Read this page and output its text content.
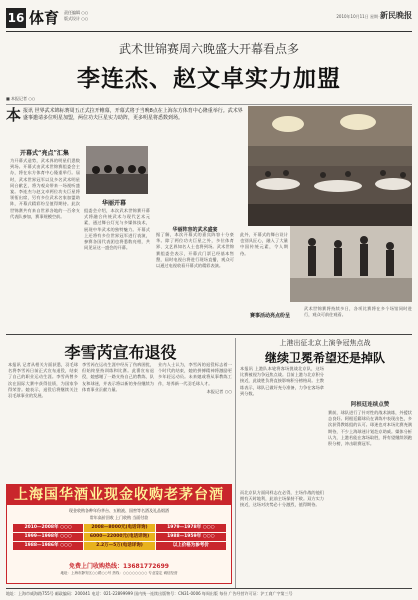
16 体育 责任编辑 ○○
版式设计 ○○	2010年10月11日 星期一
新民晚报
武术世锦赛周六晚盛大开幕看点多
李连杰、赵文卓实力加盟
■ 本报记者 ○○
本 报讯 世界武术锦标赛周五正式拉开帷幕，开幕式将于当晚8点在上海东方体育中心隆重举行。武术界盛事邀请多位明星加盟，两位功夫巨星实力助阵，更多明星将悉数到场。
开幕式“亮点”汇集
为开幕式造势，武术界的明星们悉数到场。开幕式由武术世锦赛组委会主办，将在东方体育中心隆重举行。届时，武术世界冠军以及多名武术明星同台献艺，将为观众带来一场视听盛宴。李连杰与赵文卓两位功夫巨星将领衔出席，另有多位武术名家加盟助阵，开幕式精彩纷呈值得期待。此次世锦赛共有来自世界各地的一百余支代表队参加，赛事规模空前。
华丽开幕
组委会介绍，本次武术世锦赛开幕式将融合传统武术与现代艺术元素，通过舞台灯光与多媒体技术，展现中华武术的独特魅力。开幕式上还将有多位世界冠军进行表演，参赛各国代表团也将悉数亮相，共同见证这一盛会的开幕。
据了解，本次开幕式的嘉宾阵容十分豪华。除了两位功夫巨星之外，多位体育界、文艺界知名人士也将到场。武术世锦赛组委会表示，开幕式门票已经基本售罄，届时电视台将进行现场直播，观众可以通过电视收看开幕式的精彩表演。
华丽阵容的武术盛宴
赛事活动亮点纷呈
此外，开幕式的舞台设计也别具匠心，融入了大量中国传统元素，令人期待。
武术世锦赛将持续多日，各项比赛将在多个场馆同时进行，观众可前往观看。
李雪芮宣布退役
本报讯 记者从相关方面获悉，羽毛球名将李雪芮日前正式宣布退役，结束了自己的职业运动生涯。李雪芮曾多次在国际大赛中获得佳绩，为国家争得荣誉。她表示，退役后将继续关注羽毛球事业的发展。
李雪芮在运动生涯中经历了伤病困扰，但始终坚持训练和比赛。此番宣布退役，她感谢了一路支持自己的教练、队友和球迷，并表示将以新的身份继续为体育事业贡献力量。
业内人士认为，李雪芮的退役标志着一个时代的结束，她的拼搏精神将激励更多年轻运动员。未来她或将从事教练工作，培养新一代羽毛球人才。
本报记者 ○○
上海国华酒业现金收购老茅台酒
现金收购各种年份茅台、五粮液、国窖等名酒及礼品烟酒
常年高价回收 上门收购 当面付款
2010—2008年 ○○○	2008—8000元(电话详询)	1979—1978年 ○○○
1999—1998年 ○○○	6000—22000元(电话详询)	1988—1959年 ○○○
1988—1986年 ○○○	2.2万—5万(电话详询)	以上价格为参考价
免费上门收购热线：13681772699
地址：上海市静安区○○路○○号 热线：○○○○○○○○ 专业鉴定 诚信经营
上港出征北京上演争冠焦点战
继续卫冕希望还是掉队
本报讯 上港队本轮将客场挑战北京队，这场比赛被视为争冠焦点战。目前上港与北京积分接近，此战胜负将直接影响积分榜格局。主教练表示，球队已做好充分准备，力争在客场拿到分数。
阿根廷连续点赞
赛前，球队进行了针对性的战术演练，外援状态良好。阿根廷籍球员在训练中表现出色，多次获得教练组的认可。球迷也对本场比赛充满期待，不少上海球迷计划赴京助威。媒体分析认为，上港若能在客场取胜，将有望继续领跑积分榜，冲击联赛冠军。
而北京队方面同样志在必得，主场作战的他们拥有天时地利，此前主场保持不败。双方实力接近，这场对决势必十分激烈，值得期待。
地址：上海市威海路755号 邮政编码：200041 电话：021-22899999 国内统一连续出版物号：CN31-0006 每周出版 每份 广告经营许可证：沪工商广字第三号
